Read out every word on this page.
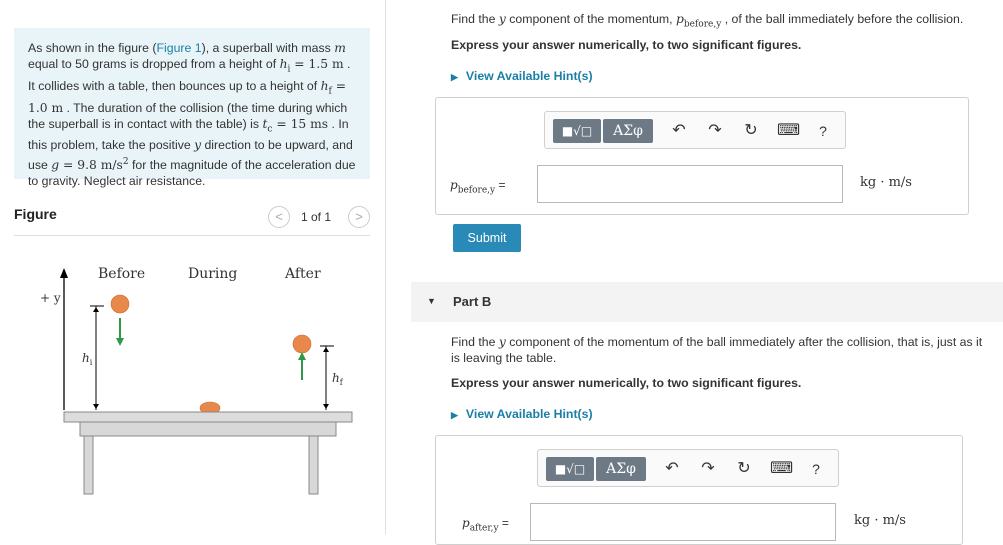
As shown in the figure (Figure 1), a superball with mass m equal to 50 grams is dropped from a height of $h_i = 1.5$ m . It collides with a table, then bounces up to a height of $h_f = 1.0$ m . The duration of the collision (the time during which the superball is in contact with the table) is $t_c = 15$ ms . In this problem, take the positive y direction to be upward, and use g = 9.8 $m/s^2$ for the magnitude of the acceleration due to gravity. Neglect air resistance.
Figure	<	1 of 1	>
+ y
Before	During	After
$h_i$
$h_f$
Find the y component of the momentum, $p_{before,y}$ , of the ball immediately before the collision.
Express your answer numerically, to two significant figures.
▶ View Available Hint(s)
■√□	ΑΣφ	↶ ↷ ↻ ⌨	?
$p_{before,y}$ =	kg · m/s
Submit
▼ Part B
Find the y component of the momentum of the ball immediately after the collision, that is, just as it is leaving the table.
Express your answer numerically, to two significant figures.
▶ View Available Hint(s)
■√□	ΑΣφ	↶ ↷ ↻ ⌨	?
$p_{after,y}$ =	kg · m/s
